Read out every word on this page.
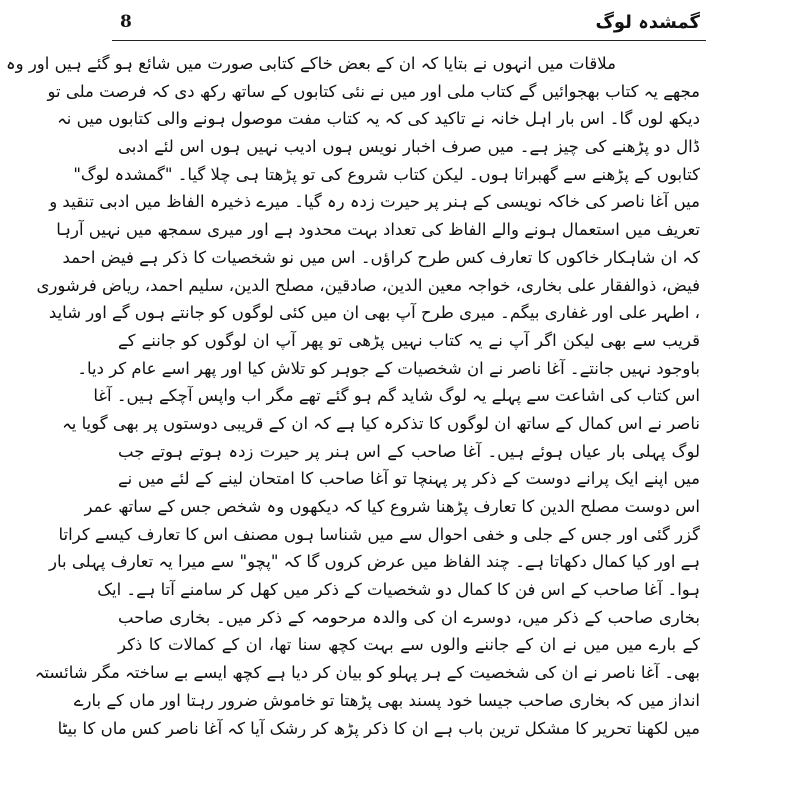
8	گمشدہ لوگ
ملاقات میں انہوں نے بتایا کہ ان کے بعض خاکے کتابی صورت میں شائع ہو گئے ہیں اور وہ
مجھے یہ کتاب بھجوائیں گے کتاب ملی اور میں نے نئی کتابوں کے ساتھ رکھ دی کہ فرصت ملی تو
دیکھ لوں گا۔ اس بار اہل خانہ نے تاکید کی کہ یہ کتاب مفت موصول ہونے والی کتابوں میں نہ
ڈال دو پڑھنے کی چیز ہے۔ میں صرف اخبار نویس ہوں ادیب نہیں ہوں اس لئے ادبی
کتابوں کے پڑھنے سے گھبراتا ہوں۔ لیکن کتاب شروع کی تو پڑھتا ہی چلا گیا۔ "گمشدہ لوگ"
میں آغا ناصر کی خاکہ نویسی کے ہنر پر حیرت زدہ رہ گیا۔ میرے ذخیرہ الفاظ میں ادبی تنقید و
تعریف میں استعمال ہونے والے الفاظ کی تعداد بہت محدود ہے اور میری سمجھ میں نہیں آرہا
کہ ان شاہکار خاکوں کا تعارف کس طرح کراؤں۔ اس میں نو شخصیات کا ذکر ہے فیض احمد
فیض، ذوالفقار علی بخاری، خواجہ معین الدین، صادقین، مصلح الدین، سلیم احمد، ریاض فرشوری
، اطہر علی اور غفاری بیگم۔ میری طرح آپ بھی ان میں کئی لوگوں کو جانتے ہوں گے اور شاید
قریب سے بھی لیکن اگر آپ نے یہ کتاب نہیں پڑھی تو پھر آپ ان لوگوں کو جاننے کے
باوجود نہیں جانتے۔ آغا ناصر نے ان شخصیات کے جوہر کو تلاش کیا اور پھر اسے عام کر دیا۔
اس کتاب کی اشاعت سے پہلے یہ لوگ شاید گم ہو گئے تھے مگر اب واپس آچکے ہیں۔ آغا
ناصر نے اس کمال کے ساتھ ان لوگوں کا تذکرہ کیا ہے کہ ان کے قریبی دوستوں پر بھی گویا یہ
لوگ پہلی بار عیاں ہوئے ہیں۔ آغا صاحب کے اس ہنر پر حیرت زدہ ہوتے ہوتے جب
میں اپنے ایک پرانے دوست کے ذکر پر پہنچا تو آغا صاحب کا امتحان لینے کے لئے میں نے
اس دوست مصلح الدین کا تعارف پڑھنا شروع کیا کہ دیکھوں وہ شخص جس کے ساتھ عمر
گزر گئی اور جس کے جلی و خفی احوال سے میں شناسا ہوں مصنف اس کا تعارف کیسے کراتا
ہے اور کیا کمال دکھاتا ہے۔ چند الفاظ میں عرض کروں گا کہ "پچو" سے میرا یہ تعارف پہلی بار
ہوا۔ آغا صاحب کے اس فن کا کمال دو شخصیات کے ذکر میں کھل کر سامنے آتا ہے۔ ایک
بخاری صاحب کے ذکر میں، دوسرے ان کی والدہ مرحومہ کے ذکر میں۔ بخاری صاحب
کے بارے میں میں نے ان کے جاننے والوں سے بہت کچھ سنا تھا، ان کے کمالات کا ذکر
بھی۔ آغا ناصر نے ان کی شخصیت کے ہر پہلو کو بیان کر دیا ہے کچھ ایسے بے ساختہ مگر شائستہ
انداز میں کہ بخاری صاحب جیسا خود پسند بھی پڑھتا تو خاموش ضرور رہتا اور ماں کے بارے
میں لکھنا تحریر کا مشکل ترین باب ہے ان کا ذکر پڑھ کر رشک آیا کہ آغا ناصر کس ماں کا بیٹا
